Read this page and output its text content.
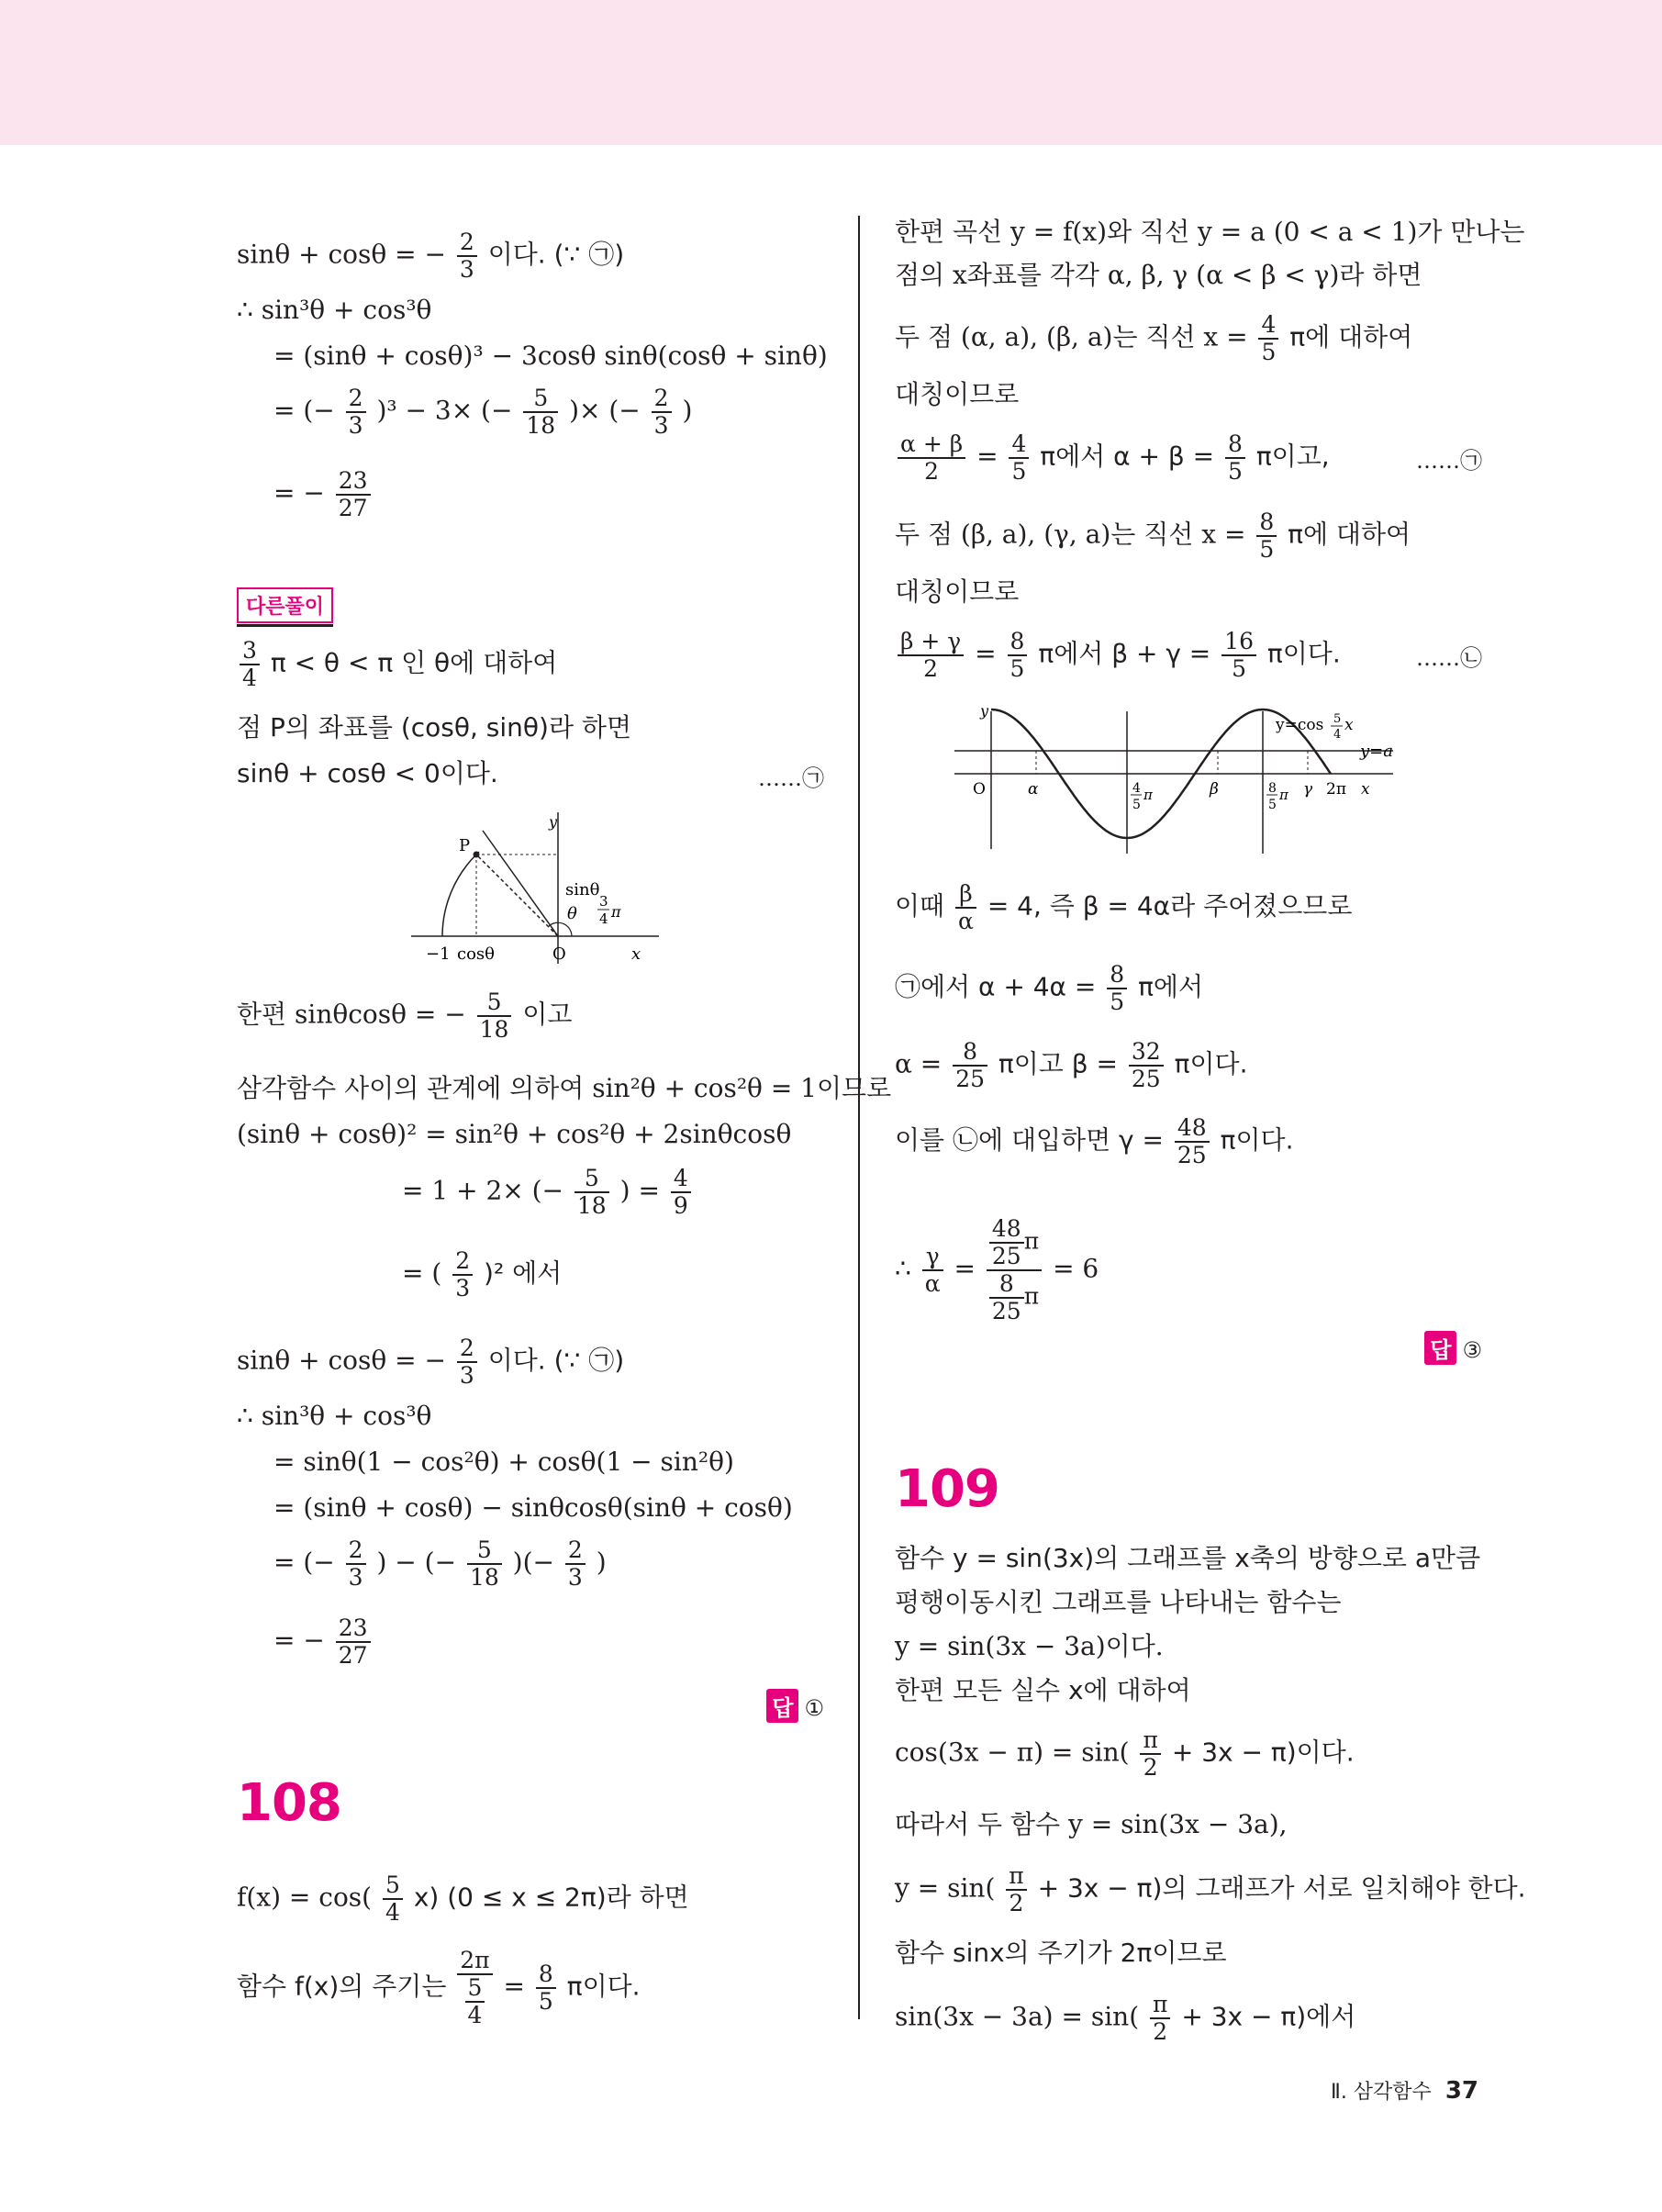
sinθ + cosθ = − $\frac{2}{3}$ 이다. (∵ ㉠)
∴ sin³θ + cos³θ
= (sinθ + cosθ)³ − 3cosθ sinθ(cosθ + sinθ)
= (− $\frac{2}{3} )^3 - 3\times$ (− $\frac{5}{18}$ )× (− $\frac{2}{3}$ )
= − $\frac{23}{27}$
다른풀이
$\frac{3}{4}$ π < θ < π 인 θ에 대하여
점 P의 좌표를 (cosθ, sinθ)라 하면
sinθ + cosθ < 0이다.	……㉠
y
P
sinθ
θ
3
4 π
−1 cosθ	O	x
한편 sinθcosθ = − $\frac{5}{18}$ 이고
삼각함수 사이의 관계에 의하여 sin²θ + cos²θ = 1이므로
(sinθ + cosθ)² = sin²θ + cos²θ + 2sinθcosθ
= 1 + 2× (− $\frac{5}{18}$ ) = $\frac{4}{9}$
= ( $\frac{2}{3} )^2$ 에서
sinθ + cosθ = − $\frac{2}{3}$ 이다. (∵ ㉠)
∴ sin³θ + cos³θ
= sinθ(1 − cos²θ) + cosθ(1 − sin²θ)
= (sinθ + cosθ) − sinθcosθ(sinθ + cosθ)
= (− $\frac{2}{3}$ ) − (− $\frac{5}{18}$ )(− $\frac{2}{3}$ )
= − $\frac{23}{27}$
답 ①
108
$f(x) = \cos( \frac{5}{4} x)$ (0 ≤ x ≤ 2π)라 하면
함수 f(x)의 주기는 $\frac{2\pi}{\frac{5}{4}} = \frac{8}{5}$ π이다.
한편 곡선 y = f(x)와 직선 y = a (0 < a < 1)가 만나는
점의 x좌표를 각각 α, β, γ (α < β < γ)라 하면
두 점 (α, a), (β, a)는 직선 $x = \frac{4}{5}$ π에 대하여
대칭이므로
$\frac{\alpha + \beta}{2} = \frac{4}{5}$ π에서 $\alpha + \beta = \frac{8}{5}$ π이고,	……㉠
두 점 (β, a), (γ, a)는 직선 $x = \frac{8}{5}$ π에 대하여
대칭이므로
$\frac{\beta + \gamma}{2} = \frac{8}{5}$ π에서 $\beta + \gamma = \frac{16}{5}$ π이다.	……㉡
y
y=cos 5
4
x
y=a
O	α	4
5
π	β	8
5
π γ 2π x
이때 $\frac{\beta}{\alpha} = 4$, 즉 β = 4α라 주어졌으므로
㉠에서 $\alpha + 4\alpha = \frac{8}{5}$ π에서
$\alpha = \frac{8}{25}$ π이고 $\beta = \frac{32}{25}$ π이다.
이를 ㉡에 대입하면 $\gamma = \frac{48}{25}$ π이다.
∴ $\frac{\gamma}{\alpha} = \frac{\frac{48}{25} \pi}{\frac{8}{25} \pi} = 6$
답 ③
109
함수 y = sin(3x)의 그래프를 x축의 방향으로 a만큼
평행이동시킨 그래프를 나타내는 함수는
y = sin(3x − 3a)이다.
한편 모든 실수 x에 대하여
$\cos(3x - \pi) = \sin( \frac{\pi}{2} + 3x - \pi)$이다.
따라서 두 함수 y = sin(3x − 3a),
$y = \sin( \frac{\pi}{2} + 3x - \pi)$의 그래프가 서로 일치해야 한다.
함수 sinx의 주기가 2π이므로
$\sin(3x - 3a) = \sin( \frac{\pi}{2} + 3x - \pi)$에서
Ⅱ. 삼각함수 37
